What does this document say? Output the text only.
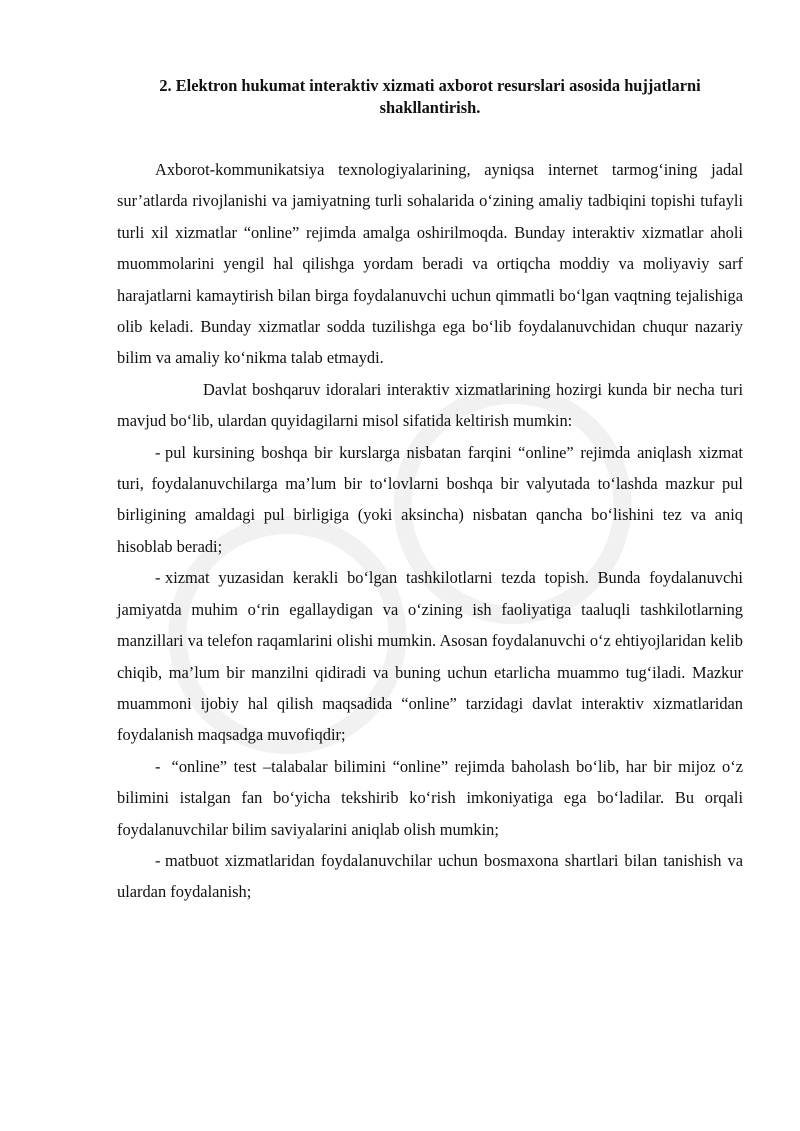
2. Elektron hukumat interaktiv xizmati axborot resurslari asosida hujjatlarni shakllantirish.

Axborot-kommunikatsiya texnologiyalarining, ayniqsa internet tarmog‘ining jadal sur’atlarda rivojlanishi va jamiyatning turli sohalarida o‘zining amaliy tadbiqini topishi tufayli turli xil xizmatlar “online” rejimda amalga oshirilmoqda. Bunday interaktiv xizmatlar aholi muommolarini yengil hal qilishga yordam beradi va ortiqcha moddiy va moliyaviy sarf harajatlarni kamaytirish bilan birga foydalanuvchi uchun qimmatli bo‘lgan vaqtning tejalishiga olib keladi. Bunday xizmatlar sodda tuzilishga ega bo‘lib foydalanuvchidan chuqur nazariy bilim va amaliy ko‘nikma talab etmaydi.

Davlat boshqaruv idoralari interaktiv xizmatlarining hozirgi kunda bir necha turi mavjud bo‘lib, ulardan quyidagilarni misol sifatida keltirish mumkin:

- pul kursining boshqa bir kurslarga nisbatan farqini “online” rejimda aniqlash xizmat turi, foydalanuvchilarga ma’lum bir to‘lovlarni boshqa bir valyutada to‘lashda mazkur pul birligining amaldagi pul birligiga (yoki aksincha) nisbatan qancha bo‘lishini tez va aniq hisoblab beradi;

- xizmat yuzasidan kerakli bo‘lgan tashkilotlarni tezda topish. Bunda foydalanuvchi jamiyatda muhim o‘rin egallaydigan va o‘zining ish faoliyatiga taaluqli tashkilotlarning manzillari va telefon raqamlarini olishi mumkin. Asosan foydalanuvchi o‘z ehtiyojlaridan kelib chiqib, ma’lum bir manzilni qidiradi va buning uchun etarlicha muammo tug‘iladi. Mazkur muammoni ijobiy hal qilish maqsadida “online” tarzidagi davlat interaktiv xizmatlaridan foydalanish maqsadga muvofiqdir;

- “online” test –talabalar bilimini “online” rejimda baholash bo‘lib, har bir mijoz o‘z bilimini istalgan fan bo‘yicha tekshirib ko‘rish imkoniyatiga ega bo‘ladilar. Bu orqali foydalanuvchilar bilim saviyalarini aniqlab olish mumkin;

- matbuot xizmatlaridan foydalanuvchilar uchun bosmaxona shartlari bilan tanishish va ulardan foydalanish;
